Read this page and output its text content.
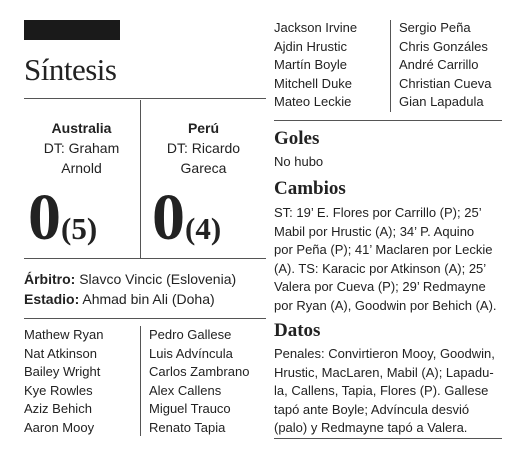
Síntesis
Australia
DT: Graham Arnold
Perú
DT: Ricardo Gareca
0(5) 0(4)
Árbitro: Slavco Vincic (Eslovenia)
Estadio: Ahmad bin Ali (Doha)
Mathew Ryan
Nat Atkinson
Bailey Wright
Kye Rowles
Aziz Behich
Aaron Mooy
Pedro Gallese
Luis Advíncula
Carlos Zambrano
Alex Callens
Miguel Trauco
Renato Tapia
Jackson Irvine
Ajdin Hrustic
Martín Boyle
Mitchell Duke
Mateo Leckie
Sergio Peña
Chris Gonzáles
André Carrillo
Christian Cueva
Gian Lapadula
Goles
No hubo
Cambios
ST: 19’ E. Flores por Carrillo (P); 25’
Mabil por Hrustic (A); 34’ P. Aquino
por Peña (P); 41’ Maclaren por Leckie
(A). TS: Karacic por Atkinson (A); 25’
Valera por Cueva (P); 29’ Redmayne
por Ryan (A), Goodwin por Behich (A).
Datos
Penales: Convirtieron Mooy, Goodwin,
Hrustic, MacLaren, Mabil (A); Lapadu-
la, Callens, Tapia, Flores (P). Gallese
tapó ante Boyle; Advíncula desvió
(palo) y Redmayne tapó a Valera.
